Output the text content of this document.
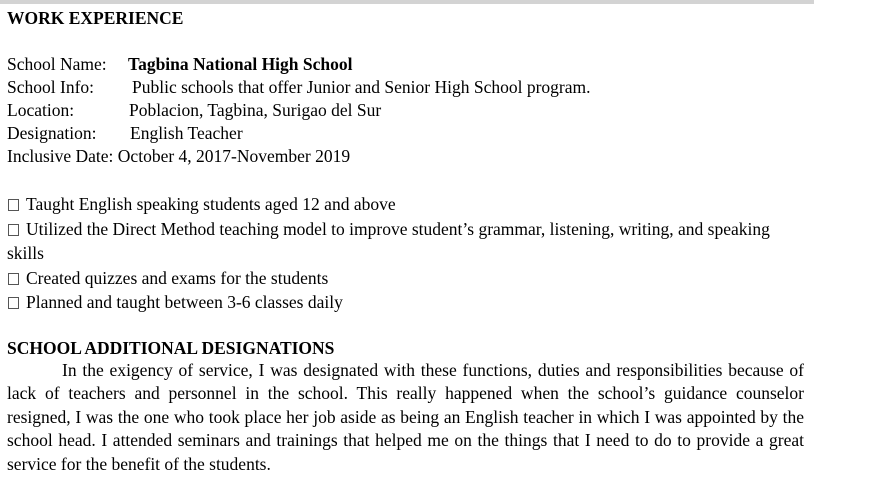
WORK EXPERIENCE
School Name: Tagbina National High School
School Info: Public schools that offer Junior and Senior High School program.
Location:	Poblacion, Tagbina, Surigao del Sur
Designation: English Teacher
Inclusive Date: October 4, 2017-November 2019
Taught English speaking students aged 12 and above
Utilized the Direct Method teaching model to improve student’s grammar, listening, writing, and speaking skills
Created quizzes and exams for the students
Planned and taught between 3-6 classes daily
SCHOOL ADDITIONAL DESIGNATIONS

In the exigency of service, I was designated with these functions, duties and responsibilities because of lack of teachers and personnel in the school. This really happened when the school’s guidance counselor resigned, I was the one who took place her job aside as being an English teacher in which I was appointed by the school head. I attended seminars and trainings that helped me on the things that I need to do to provide a great service for the benefit of the students.
